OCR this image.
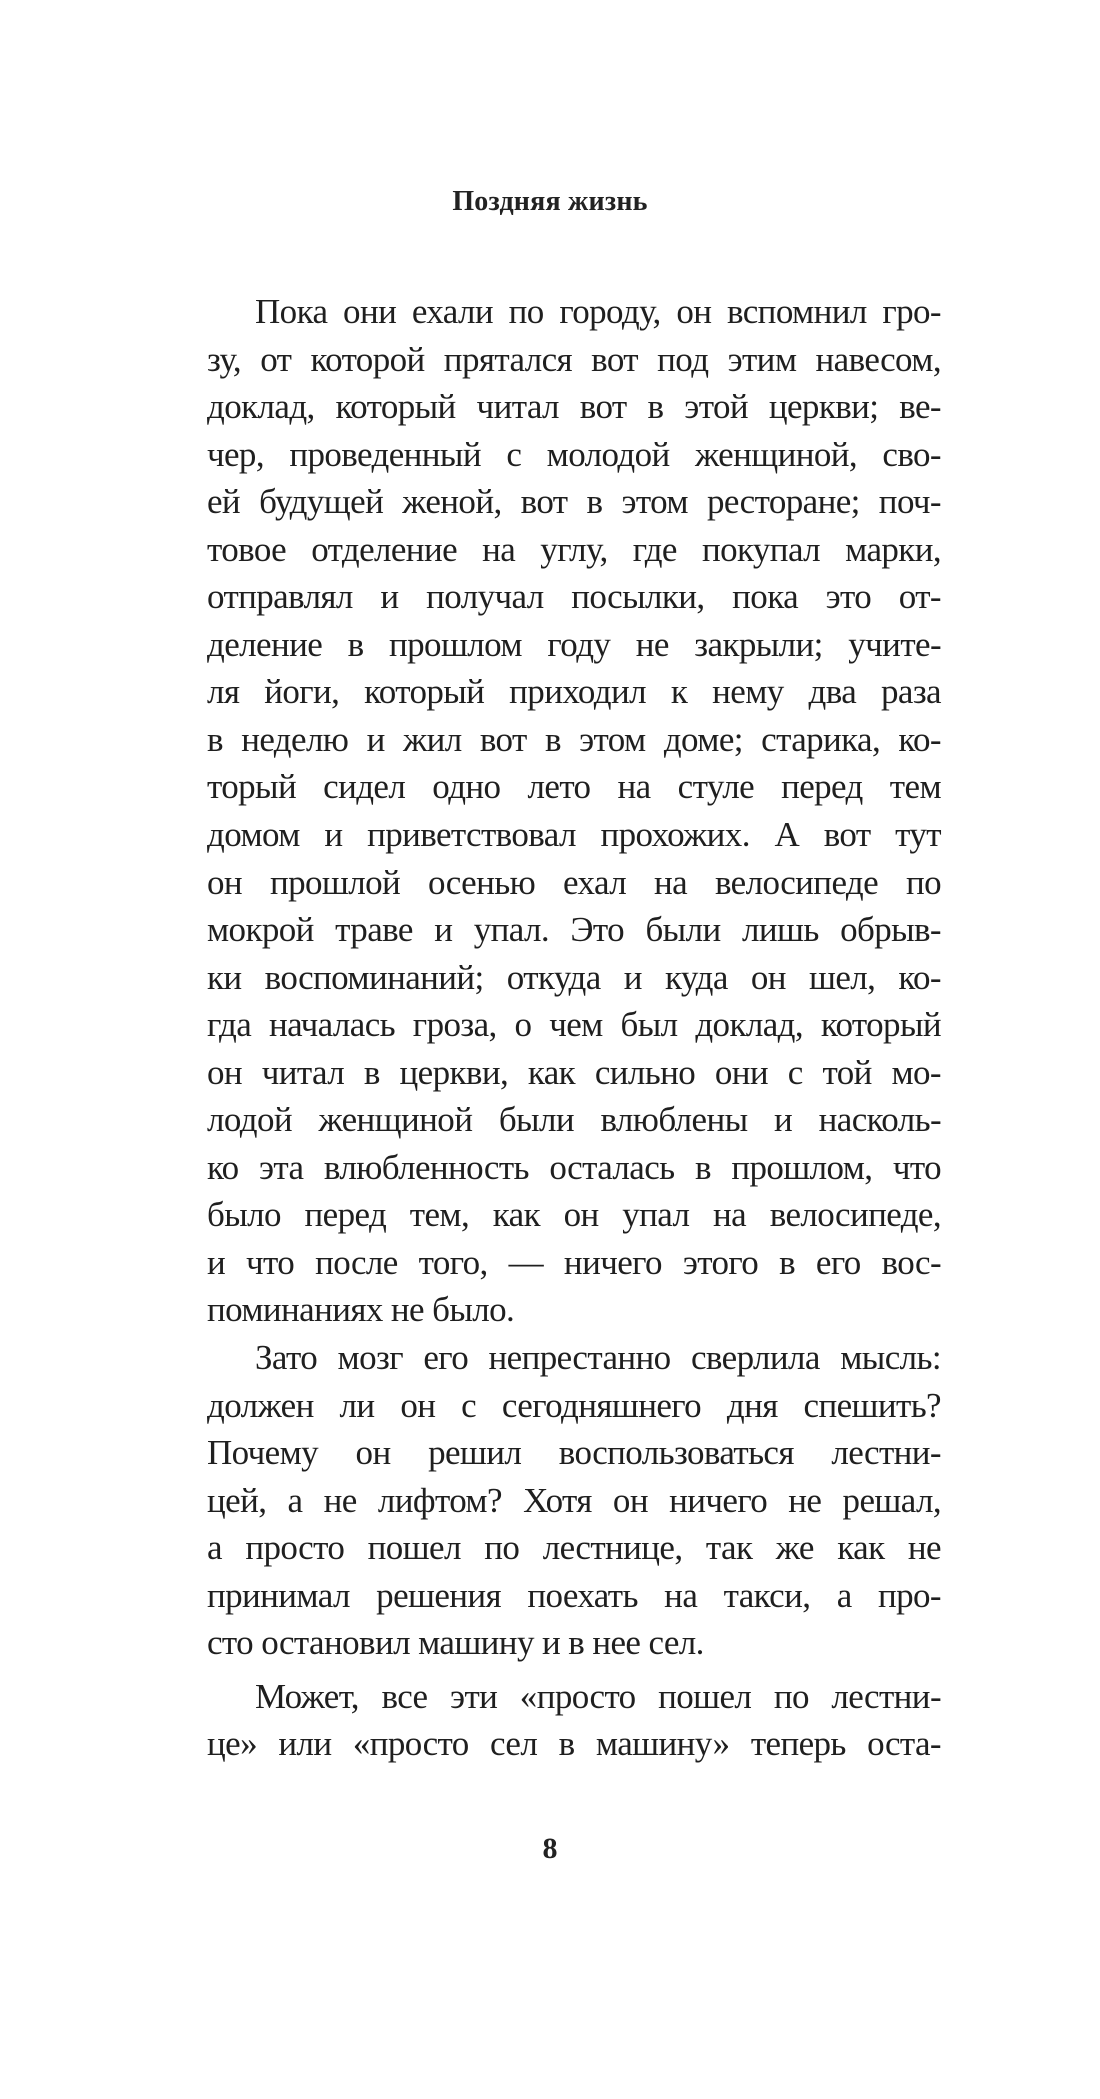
Поздняя жизнь
Пока они ехали по городу, он вспомнил гро-
зу, от которой прятался вот под этим навесом,
доклад, который читал вот в этой церкви; ве-
чер, проведенный с молодой женщиной, сво-
ей будущей женой, вот в этом ресторане; поч-
товое отделение на углу, где покупал марки,
отправлял и получал посылки, пока это от-
деление в прошлом году не закрыли; учите-
ля йоги, который приходил к нему два раза
в неделю и жил вот в этом доме; старика, ко-
торый сидел одно лето на стуле перед тем
домом и приветствовал прохожих. А вот тут
он прошлой осенью ехал на велосипеде по
мокрой траве и упал. Это были лишь обрыв-
ки воспоминаний; откуда и куда он шел, ко-
гда началась гроза, о чем был доклад, который
он читал в церкви, как сильно они с той мо-
лодой женщиной были влюблены и насколь-
ко эта влюбленность осталась в прошлом, что
было перед тем, как он упал на велосипеде,
и что после того, — ничего этого в его вос-
поминаниях не было.
Зато мозг его непрестанно сверлила мысль:
должен ли он с сегодняшнего дня спешить?
Почему он решил воспользоваться лестни-
цей, а не лифтом? Хотя он ничего не решал,
а просто пошел по лестнице, так же как не
принимал решения поехать на такси, а про-
сто остановил машину и в нее сел.
Может, все эти «просто пошел по лестни-
це» или «просто сел в машину» теперь оста-
8
